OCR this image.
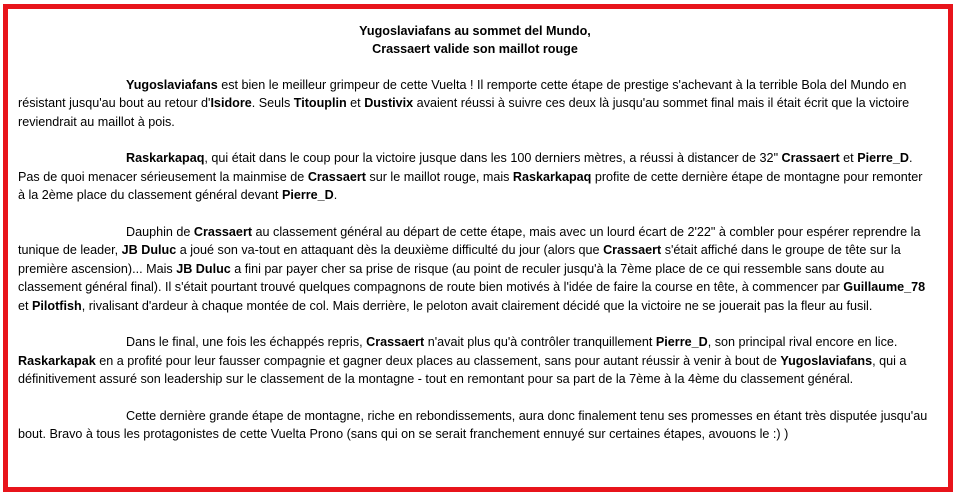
Yugoslaviafans au sommet del Mundo,
Crassaert valide son maillot rouge

Yugoslaviafans est bien le meilleur grimpeur de cette Vuelta ! Il remporte cette étape de prestige s'achevant à la terrible Bola del Mundo en résistant jusqu'au bout au retour d'Isidore. Seuls Titouplin et Dustivix avaient réussi à suivre ces deux là jusqu'au sommet final mais il était écrit que la victoire reviendrait au maillot à pois.

Raskarkapaq, qui était dans le coup pour la victoire jusque dans les 100 derniers mètres, a réussi à distancer de 32" Crassaert et Pierre_D. Pas de quoi menacer sérieusement la mainmise de Crassaert sur le maillot rouge, mais Raskarkapaq profite de cette dernière étape de montagne pour remonter à la 2ème place du classement général devant Pierre_D.

Dauphin de Crassaert au classement général au départ de cette étape, mais avec un lourd écart de 2'22" à combler pour espérer reprendre la tunique de leader, JB Duluc a joué son va-tout en attaquant dès la deuxième difficulté du jour (alors que Crassaert s'était affiché dans le groupe de tête sur la première ascension)... Mais JB Duluc a fini par payer cher sa prise de risque (au point de reculer jusqu'à la 7ème place de ce qui ressemble sans doute au classement général final). Il s'était pourtant trouvé quelques compagnons de route bien motivés à l'idée de faire la course en tête, à commencer par Guillaume_78 et Pilotfish, rivalisant d'ardeur à chaque montée de col. Mais derrière, le peloton avait clairement décidé que la victoire ne se jouerait pas la fleur au fusil.

Dans le final, une fois les échappés repris, Crassaert n'avait plus qu'à contrôler tranquillement Pierre_D, son principal rival encore en lice. Raskarkapak en a profité pour leur fausser compagnie et gagner deux places au classement, sans pour autant réussir à venir à bout de Yugoslaviafans, qui a définitivement assuré son leadership sur le classement de la montagne - tout en remontant pour sa part de la 7ème à la 4ème du classement général.

Cette dernière grande étape de montagne, riche en rebondissements, aura donc finalement tenu ses promesses en étant très disputée jusqu'au bout. Bravo à tous les protagonistes de cette Vuelta Prono (sans qui on se serait franchement ennuyé sur certaines étapes, avouons le :) )
